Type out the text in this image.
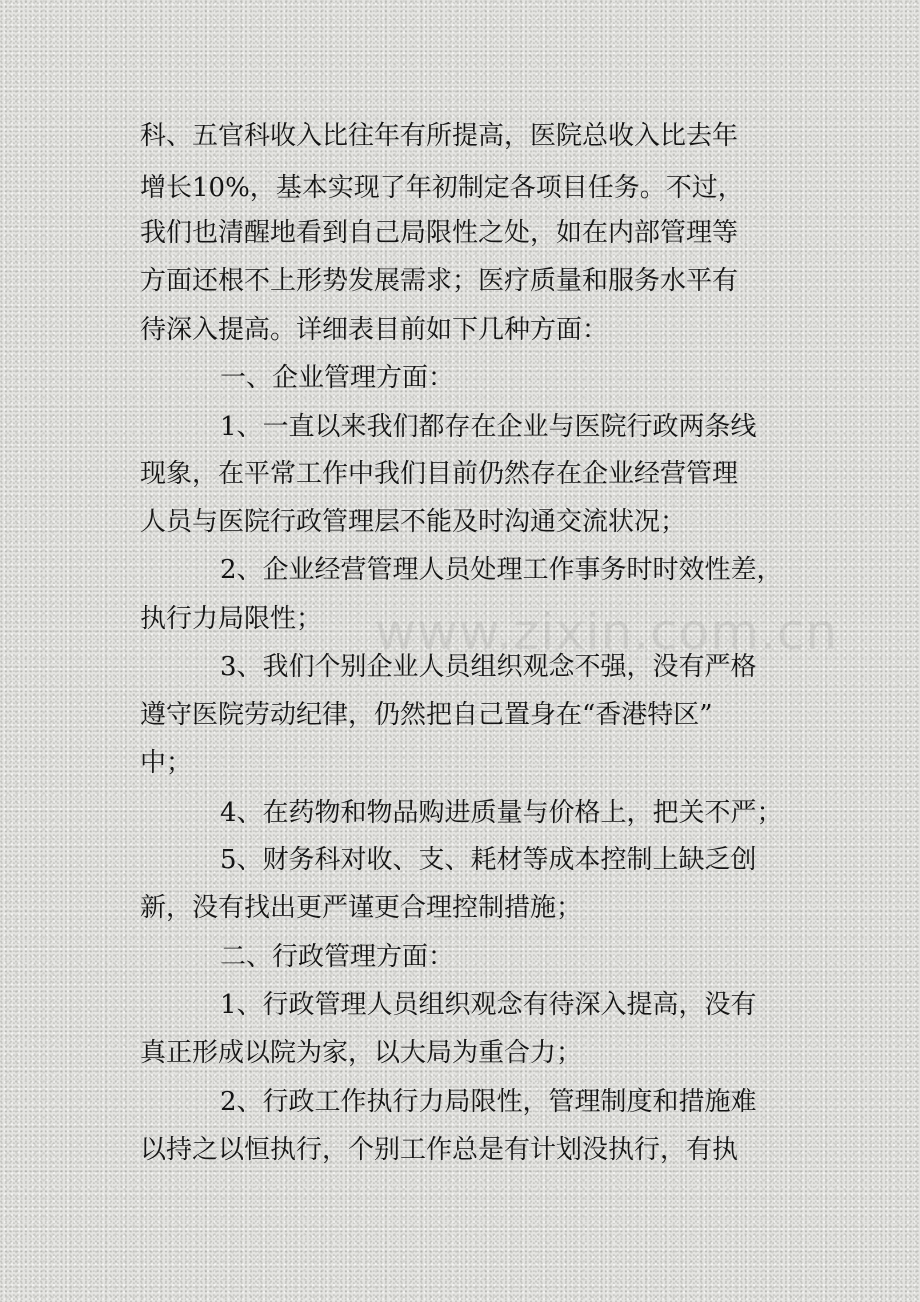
www.zixin.com.cn
科、五官科收入比往年有所提高，医院总收入比去年
增长10%，基本实现了年初制定各项目任务。不过，
我们也清醒地看到自己局限性之处，如在内部管理等
方面还根不上形势发展需求；医疗质量和服务水平有
待深入提高。详细表目前如下几种方面：
一、企业管理方面：
1、一直以来我们都存在企业与医院行政两条线
现象，在平常工作中我们目前仍然存在企业经营管理
人员与医院行政管理层不能及时沟通交流状况；
2、企业经营管理人员处理工作事务时时效性差，
执行力局限性；
3、我们个别企业人员组织观念不强，没有严格
遵守医院劳动纪律，仍然把自己置身在“香港特区”
中；
4、在药物和物品购进质量与价格上，把关不严；
5、财务科对收、支、耗材等成本控制上缺乏创
新，没有找出更严谨更合理控制措施；
二、行政管理方面：
1、行政管理人员组织观念有待深入提高，没有
真正形成以院为家，以大局为重合力；
2、行政工作执行力局限性，管理制度和措施难
以持之以恒执行，个别工作总是有计划没执行，有执
